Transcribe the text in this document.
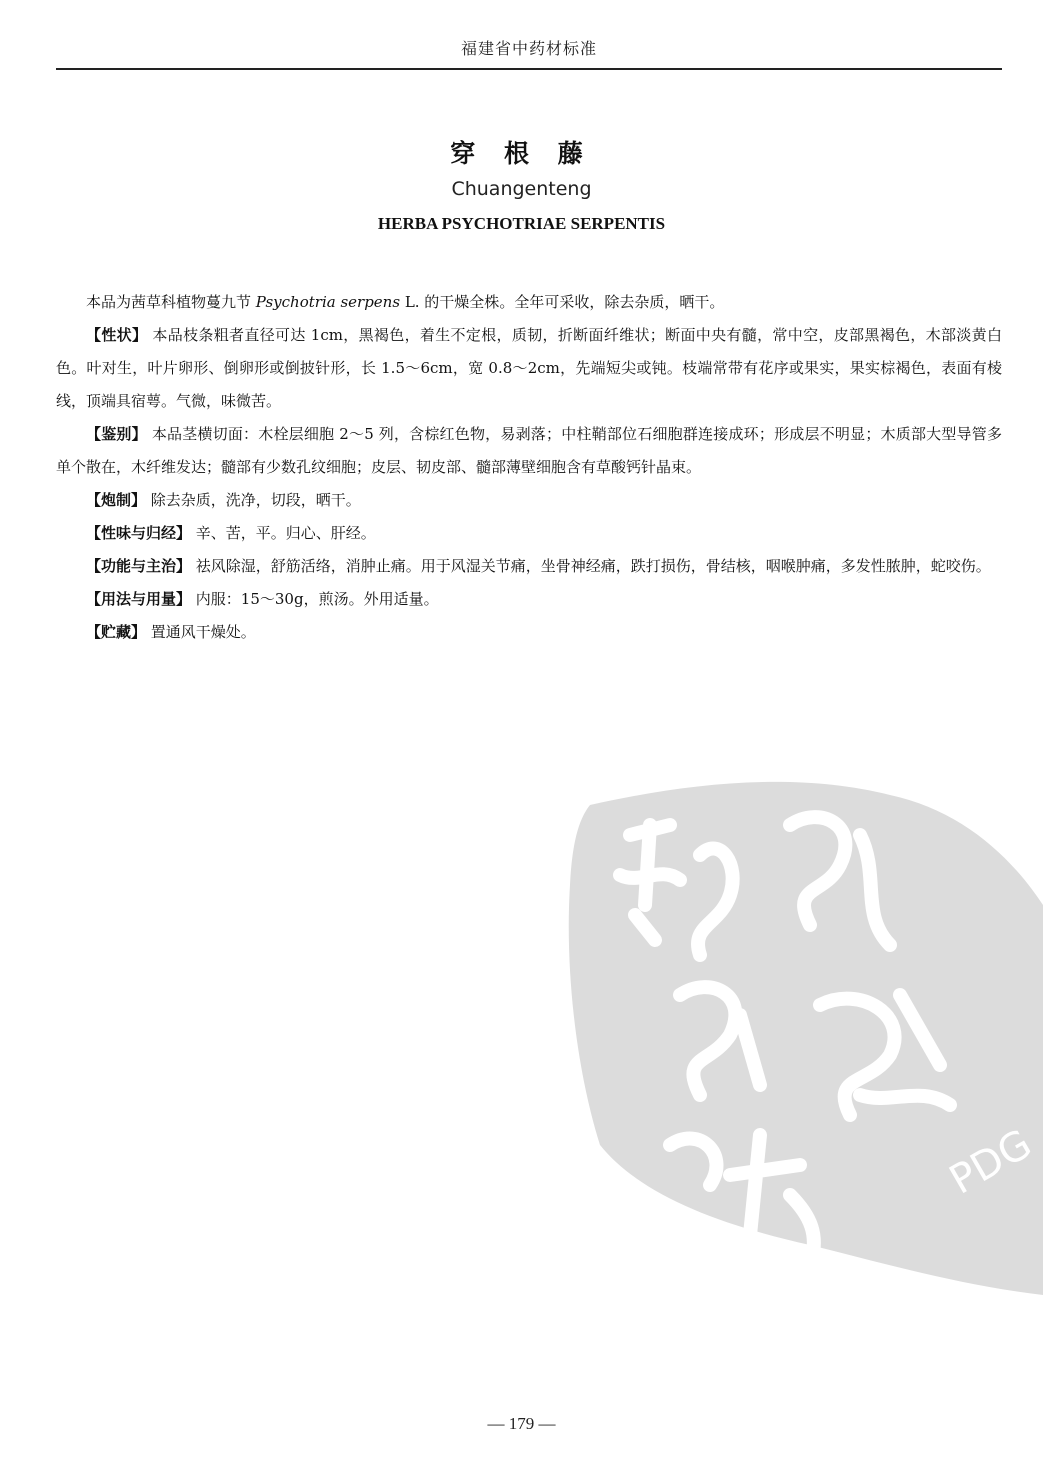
福建省中药材标准
穿 根 藤
Chuangenteng
HERBA PSYCHOTRIAE SERPENTIS

本品为茜草科植物蔓九节 Psychotria serpens L. 的干燥全株。全年可采收，除去杂质，晒干。

【性状】 本品枝条粗者直径可达 1cm，黑褐色，着生不定根，质韧，折断面纤维状；断面中央有髓，常中空，皮部黑褐色，木部淡黄白色。叶对生，叶片卵形、倒卵形或倒披针形，长 1.5～6cm，宽 0.8～2cm，先端短尖或钝。枝端常带有花序或果实，果实棕褐色，表面有棱线，顶端具宿萼。气微，味微苦。

【鉴别】 本品茎横切面：木栓层细胞 2～5 列，含棕红色物，易剥落；中柱鞘部位石细胞群连接成环；形成层不明显；木质部大型导管多单个散在，木纤维发达；髓部有少数孔纹细胞；皮层、韧皮部、髓部薄壁细胞含有草酸钙针晶束。

【炮制】 除去杂质，洗净，切段，晒干。

【性味与归经】 辛、苦，平。归心、肝经。

【功能与主治】 祛风除湿，舒筋活络，消肿止痛。用于风湿关节痛，坐骨神经痛，跌打损伤，骨结核，咽喉肿痛，多发性脓肿，蛇咬伤。

【用法与用量】 内服：15～30g，煎汤。外用适量。

【贮藏】 置通风干燥处。

PDG
— 179 —
